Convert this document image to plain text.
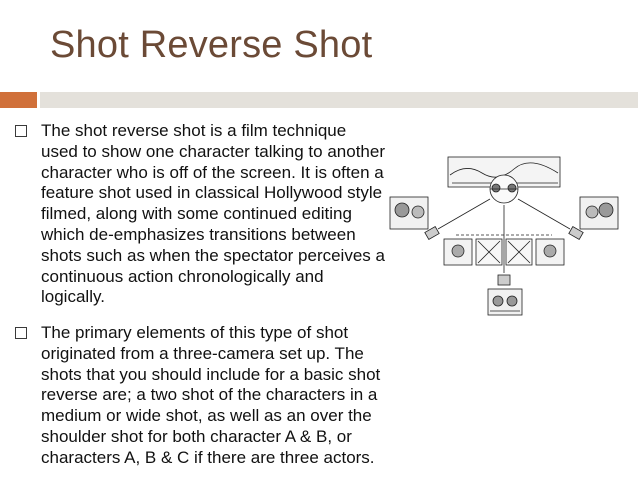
Shot Reverse Shot
The shot reverse shot is a film technique used to show one character talking to another character who is off of the screen. It is often a feature shot used in classical Hollywood style filmed, along with some continued editing which de-emphasizes transitions between shots such as when the spectator perceives a continuous action chronologically and logically.
The primary elements of this type of shot originated from a three-camera set up. The shots that you should include for a basic shot reverse are; a two shot of the characters in a medium or wide shot, as well as an over the shoulder shot for both character A & B, or characters A, B & C if there are three actors.
